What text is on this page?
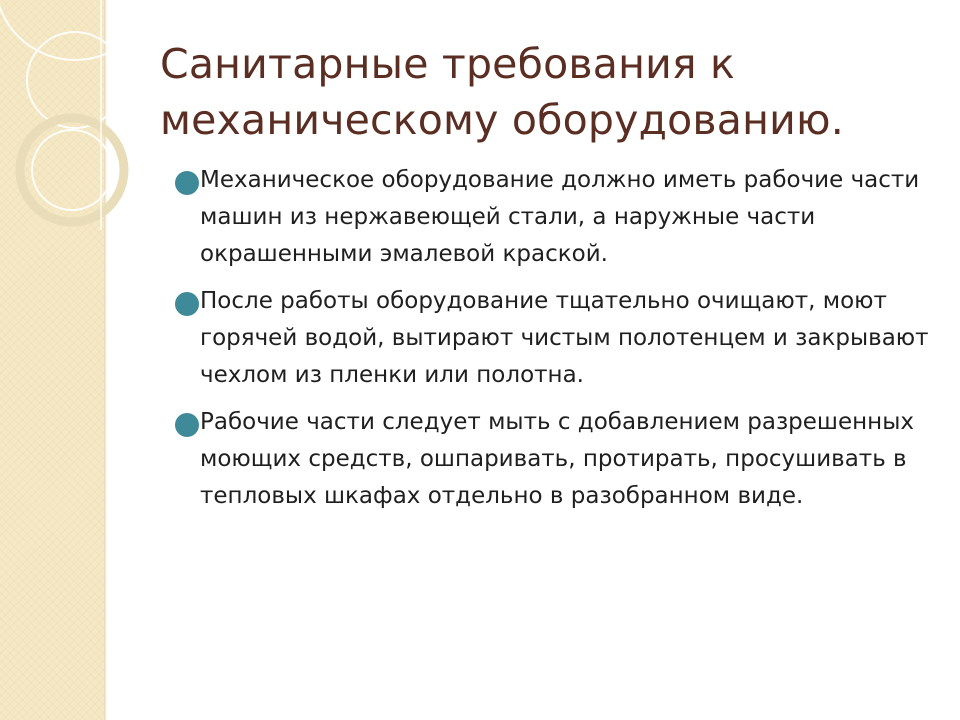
Санитарные требования к механическому оборудованию.
Механическое оборудование должно иметь рабочие части машин из нержавеющей стали, а наружные части окрашенными эмалевой краской.
После работы оборудование тщательно очищают, моют горячей водой, вытирают чистым полотенцем и закрывают чехлом из пленки или полотна.
Рабочие части следует мыть с добавлением разрешенных моющих средств, ошпаривать, протирать, просушивать в тепловых шкафах отдельно в разобранном виде.
